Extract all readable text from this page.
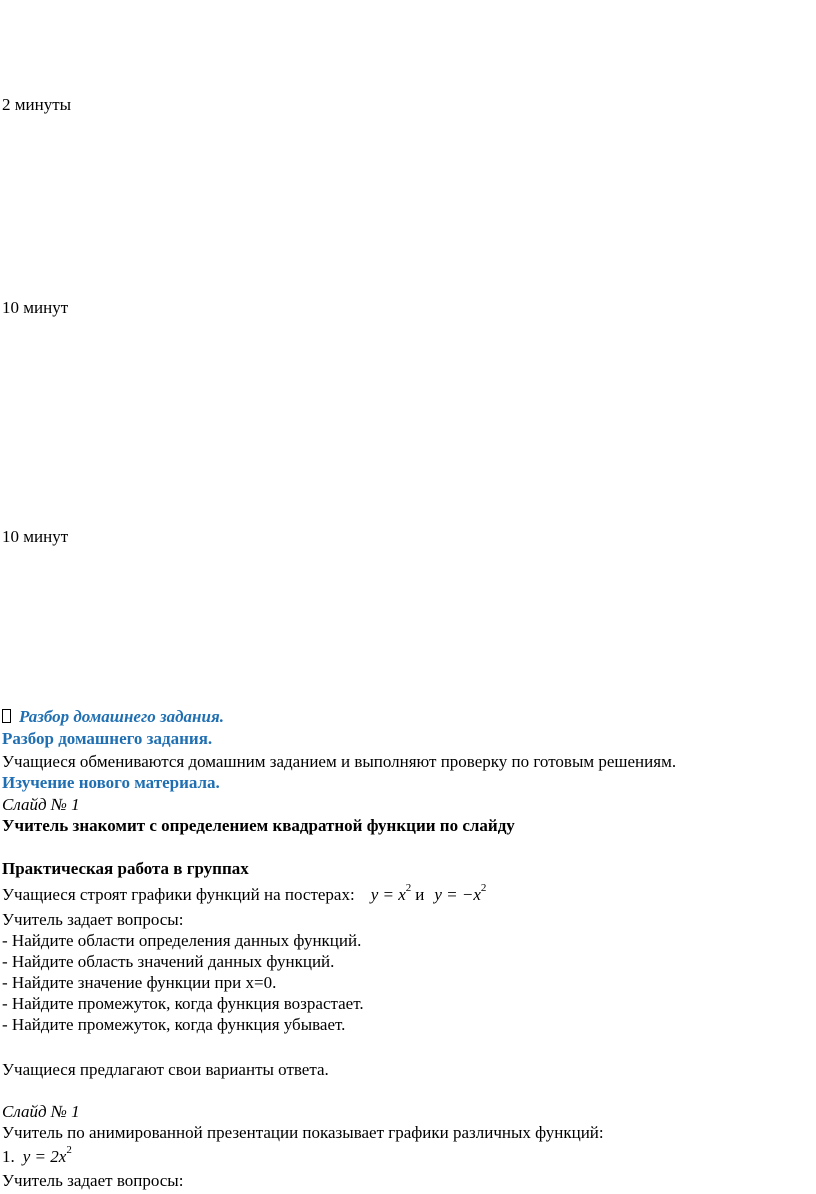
2 минуты
10 минут
10 минут
Разбор домашнего задания.
Разбор домашнего задания.
Учащиеся обмениваются домашним заданием и выполняют проверку по готовым решениям.
Изучение нового материала.
Слайд № 1
Учитель знакомит с определением квадратной функции по слайду
Практическая работа в группах
Учащиеся строят графики функций на постерах: $y = x^2$ и $y = -x^2$
Учитель задает вопросы:
- Найдите области определения данных функций.
- Найдите область значений данных функций.
- Найдите значение функции при х=0.
- Найдите промежуток, когда функция возрастает.
- Найдите промежуток, когда функция убывает.
Учащиеся предлагают свои варианты ответа.
Слайд № 1
Учитель по анимированной презентации показывает графики различных функций:
1. $y = 2x^2$
Учитель задает вопросы:
